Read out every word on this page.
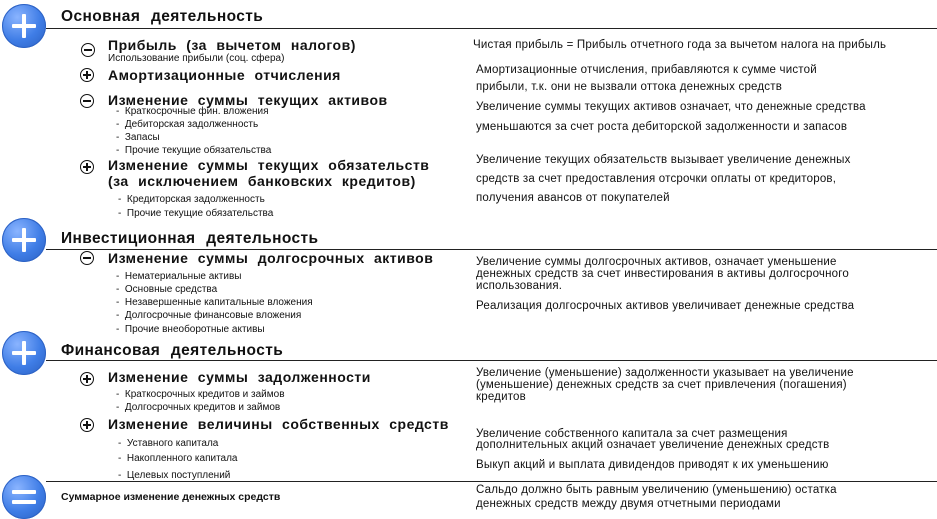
Основная деятельность
Прибыль (за вычетом налогов)
Использование прибыли (соц. сфера)
Чистая прибыль = Прибыль отчетного года за вычетом налога на прибыль
Амортизационные отчисления	Амортизационные отчисления, прибавляются к сумме чистой
прибыли, т.к. они не вызвали оттока денежных средств
Изменение суммы текущих активов
-  Краткосрочные фин. вложения
-  Дебиторская задолженность
-  Запасы
-  Прочие текущие обязательства
Увеличение суммы текущих активов означает, что денежные средства
уменьшаются за счет роста дебиторской задолженности и запасов
Изменение суммы текущих обязательств
(за исключением банковских кредитов)
-  Кредиторская задолженность
-  Прочие текущие обязательства
Увеличение текущих обязательств вызывает увеличение денежных
средств за счет предоставления отсрочки оплаты от кредиторов,
получения авансов от покупателей
Инвестиционная деятельность
Изменение суммы долгосрочных активов
-  Нематериальные активы
-  Основные средства
-  Незавершенные капитальные вложения
-  Долгосрочные финансовые вложения
-  Прочие внеоборотные активы
Увеличение суммы долгосрочных активов, означает уменьшение
денежных средств за счет инвестирования в активы долгосрочного
использования.
Реализация долгосрочных активов увеличивает денежные средства
Финансовая деятельность
Изменение суммы задолженности
-  Краткосрочных кредитов и займов
-  Долгосрочных кредитов и займов
Увеличение (уменьшение) задолженности указывает на увеличение
(уменьшение) денежных средств за счет привлечения (погашения)
кредитов
Изменение величины собственных средств
-  Уставного капитала
-  Накопленного капитала
-  Целевых поступлений
Увеличение собственного капитала за счет размещения
дополнительных акций означает увеличение денежных средств
Выкуп акций и выплата дивидендов приводят к их уменьшению
Суммарное изменение денежных средств
Сальдо должно быть равным увеличению (уменьшению) остатка
денежных средств между двумя отчетными периодами
